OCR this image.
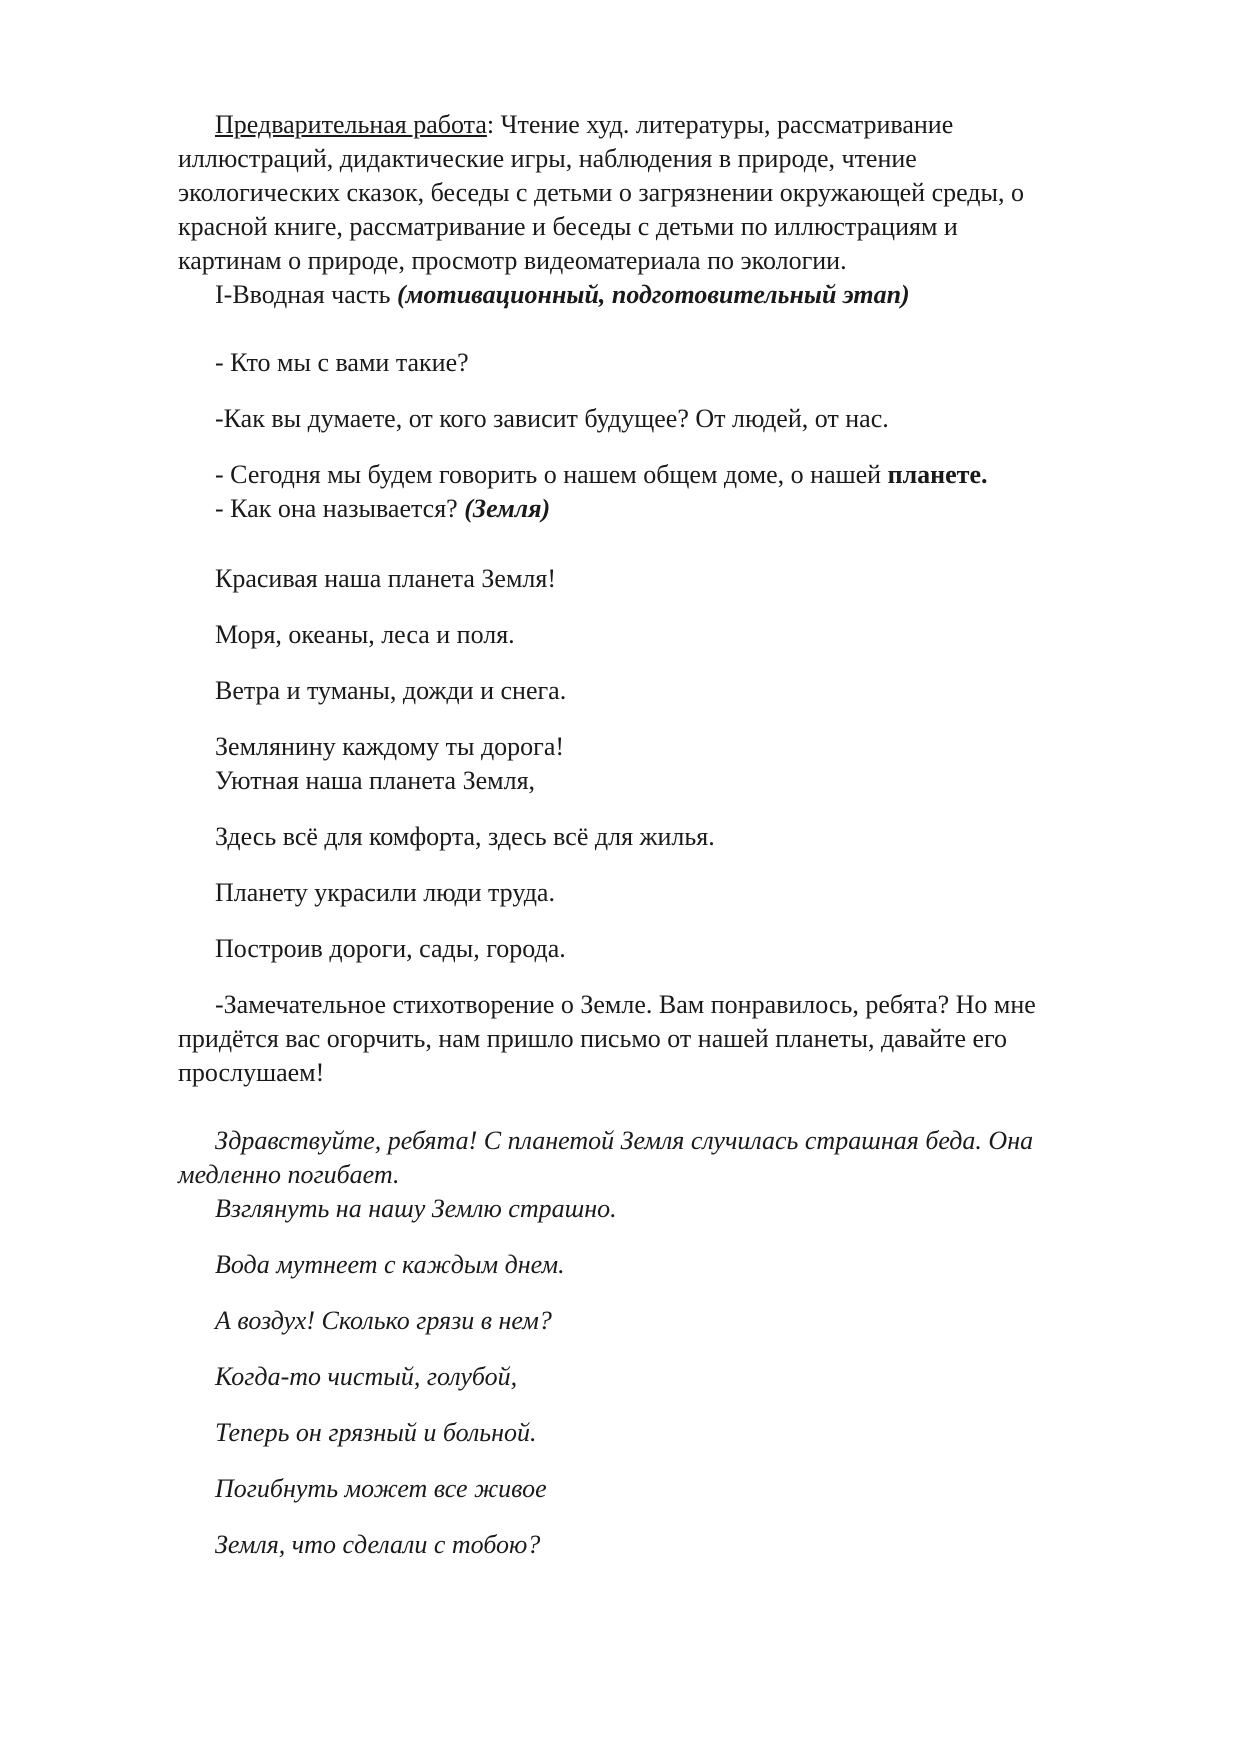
Предварительная работа: Чтение худ. литературы, рассматривание
иллюстраций, дидактические игры, наблюдения в природе, чтение
экологических сказок, беседы с детьми о загрязнении окружающей среды, о
красной книге, рассматривание и беседы с детьми по иллюстрациям и
картинам о природе, просмотр видеоматериала по экологии.
I-Вводная часть (мотивационный, подготовительный этап)
- Кто мы с вами такие?
-Как вы думаете, от кого зависит будущее? От людей, от нас.
- Сегодня мы будем говорить о нашем общем доме, о нашей планете.
- Как она называется? (Земля)
Красивая наша планета Земля!
Моря, океаны, леса и поля.
Ветра и туманы, дожди и снега.
Землянину каждому ты дорога!
Уютная наша планета Земля,
Здесь всё для комфорта, здесь всё для жилья.
Планету украсили люди труда.
Построив дороги, сады, города.
-Замечательное стихотворение о Земле. Вам понравилось, ребята? Но мне
придётся вас огорчить, нам пришло письмо от нашей планеты, давайте его
прослушаем!
Здравствуйте, ребята! С планетой Земля случилась страшная беда. Она
медленно погибает.
Взглянуть на нашу Землю страшно.
Вода мутнеет с каждым днем.
А воздух! Сколько грязи в нем?
Когда-то чистый, голубой,
Теперь он грязный и больной.
Погибнуть может все живое
Земля, что сделали с тобою?
